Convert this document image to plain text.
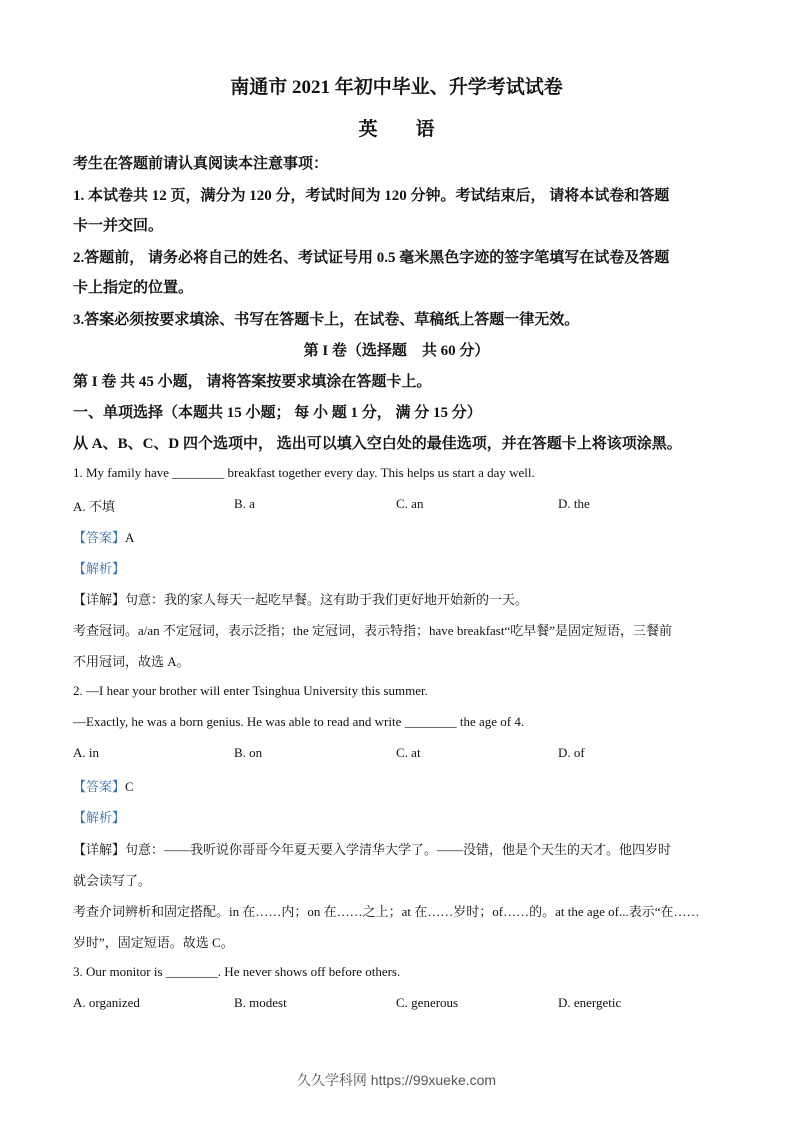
南通市 2021 年初中毕业、升学考试试卷
英　　语
考生在答题前请认真阅读本注意事项：
1. 本试卷共 12 页，满分为 120 分，考试时间为 120 分钟。考试结束后， 请将本试卷和答题
卡一并交回。
2.答题前， 请务必将自己的姓名、考试证号用 0.5 毫米黑色字迹的签字笔填写在试卷及答题
卡上指定的位置。
3.答案必须按要求填涂、书写在答题卡上，在试卷、草稿纸上答题一律无效。
第 I 卷（选择题　共 60 分）
第 I 卷 共 45 小题， 请将答案按要求填涂在答题卡上。
一、单项选择（本题共 15 小题； 每 小 题 1 分， 满 分 15 分）
从 A、B、C、D 四个选项中， 选出可以填入空白处的最佳选项，并在答题卡上将该项涂黑。
1. My family have ________ breakfast together every day. This helps us start a day well.
A. 不填	B. a	C. an	D. the
【答案】A
【解析】
【详解】句意：我的家人每天一起吃早餐。这有助于我们更好地开始新的一天。
考查冠词。a/an 不定冠词，表示泛指；the 定冠词，表示特指；have breakfast“吃早餐”是固定短语，三餐前
不用冠词，故选 A。
2. —I hear your brother will enter Tsinghua University this summer.
—Exactly, he was a born genius. He was able to read and write ________ the age of 4.
A. in	B. on	C. at	D. of
【答案】C
【解析】
【详解】句意：——我听说你哥哥今年夏天要入学清华大学了。——没错，他是个天生的天才。他四岁时
就会读写了。
考查介词辨析和固定搭配。in 在……内；on 在……之上；at 在……岁时；of……的。at the age of...表示“在……
岁时”，固定短语。故选 C。
3. Our monitor is ________. He never shows off before others.
A. organized	B. modest	C. generous	D. energetic
久久学科网 https://99xueke.com
